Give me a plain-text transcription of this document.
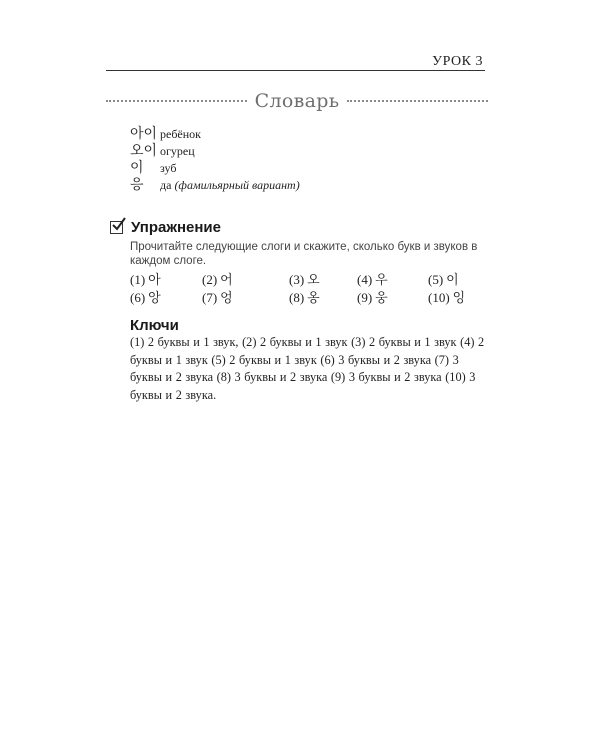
УРОК 3
Словарь
아이 ребёнок
오이 огурец
이	зуб
응	да (фамильярный вариант)
Упражнение
Прочитайте следующие слоги и скажите, сколько букв и звуков в каждом слоге.
(1) 아	(2) 어	(3) 오	(4) 우	(5) 이
(6) 앙	(7) 엉	(8) 옹	(9) 웅	(10) 잉
Ключи
(1) 2 буквы и 1 звук, (2) 2 буквы и 1 звук (3) 2 буквы и 1 звук (4) 2 буквы и 1 звук (5) 2 буквы и 1 звук (6) 3 буквы и 2 звука (7) 3 буквы и 2 звука (8) 3 буквы и 2 звука (9) 3 буквы и 2 звука (10) 3 буквы и 2 звука.
